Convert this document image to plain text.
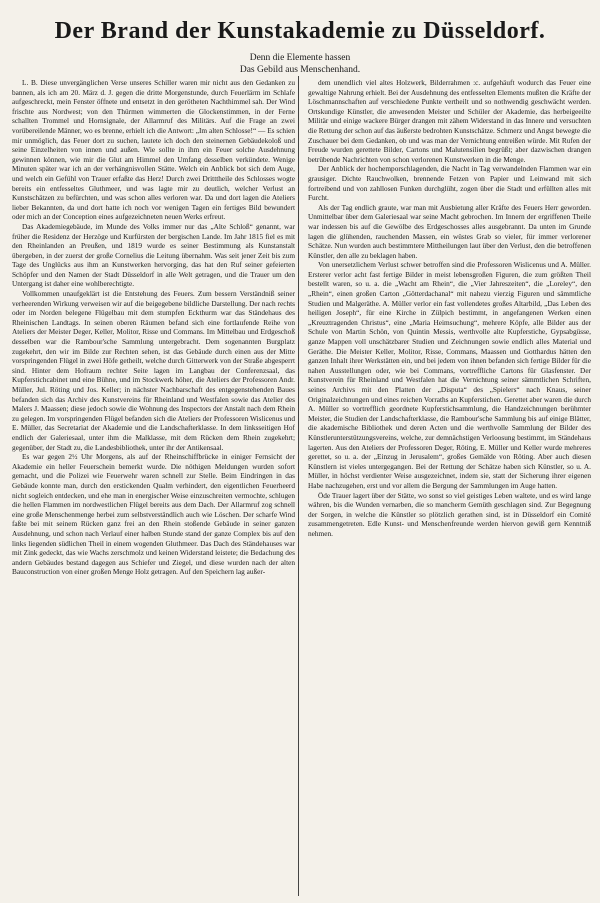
Der Brand der Kunstakademie zu Düsseldorf.
Denn die Elemente hassen
Das Gebild aus Menschenhand.

L. B. Diese unvergänglichen Verse unseres Schiller waren mir nicht aus den Gedanken zu bannen, als ich am 20. März d. J. gegen die dritte Morgenstunde, durch Feuerlärm im Schlafe aufgeschreckt, mein Fenster öffnete und entsetzt in den gerötheten Nachthimmel sah. Der Wind frischte aus Nordwest; von den Thürmen wimmerten die Glockenstimmen, in der Ferne schallten Trommel und Hornsignale, der Allarmruf des Militärs. Auf die Frage an zwei vorübereilende Männer, wo es brenne, erhielt ich die Antwort: „Im alten Schlosse!“ — Es schien mir unmöglich, das Feuer dort zu suchen, lautete ich doch den steinernen Gebäudekoloß und seine Einzelheiten von innen und außen. Wie sollte in ihm ein Feuer solche Ausdehnung gewinnen können, wie mir die Glut am Himmel den Umfang desselben verkündete. Wenige Minuten später war ich an der verhängnisvollen Stätte. Welch ein Anblick bot sich dem Auge, und welch ein Gefühl von Trauer erfaßte das Herz! Durch zwei Dritttheile des Schlosses wogte bereits ein entfesseltes Gluthmeer, und was lagte mir zu deutlich, welcher Verlust an Kunstschätzen zu befürchten, und was schon alles verloren war. Da und dort lagen die Ateliers lieber Bekannten, da und dort hatte ich noch vor wenigen Tagen ein fertiges Bild bewundert oder mich an der Conception eines aufgezeichneten neuen Werks erfreut.

Das Akademiegebäude, im Munde des Volks immer nur das „Alte Schloß“ genannt, war früher die Residenz der Herzöge und Kurfürsten der bergischen Lande. Im Jahr 1815 fiel es mit den Rheinlanden an Preußen, und 1819 wurde es seiner Bestimmung als Kunstanstalt übergeben, in der zuerst der große Cornelius die Leitung übernahm. Was seit jener Zeit bis zum Tage des Unglücks aus ihm an Kunstwerken hervorging, das hat den Ruf seiner gefeierten Schöpfer und den Namen der Stadt Düsseldorf in alle Welt getragen, und die Trauer um den Untergang ist daher eine wohlberechtigte.

Vollkommen unaufgeklärt ist die Entstehung des Feuers. Zum bessern Verständniß seiner verheerenden Wirkung verweisen wir auf die beigegebene bildliche Darstellung. Der nach rechts oder im Norden belegene Flügelbau mit dem stumpfen Eckthurm war das Ständehaus des Rheinischen Landtags. In seinen oberen Räumen befand sich eine fortlaufende Reihe von Ateliers der Meister Deger, Keller, Molitor, Risse und Commans. Im Mittelbau und Erdgeschoß desselben war die Rambour'sche Sammlung untergebracht. Dem sogenannten Burgplatz zugekehrt, den wir im Bilde zur Rechten sehen, ist das Gebäude durch einen aus der Mitte vorspringenden Flügel in zwei Höfe getheilt, welche durch Gitterwerk von der Straße abgesperrt sind. Hinter dem Hofraum rechter Seite lagen im Langbau der Conferenzsaal, das Kupferstichcabinet und eine Bühne, und im Stockwerk höher, die Ateliers der Professoren Andr. Müller, Jul. Röting und Jos. Keller; in nächster Nachbarschaft des entgegenstehenden Baues befanden sich das Archiv des Kunstvereins für Rheinland und Westfalen sowie das Atelier des Malers J. Maassen; diese jedoch sowie die Wohnung des Inspectors der Anstalt nach dem Rhein zu gelegen. Im vorspringenden Flügel befanden sich die Ateliers der Professoren Wislicenus und E. Müller, das Secretariat der Akademie und die Landschafterklasse. In dem linksseitigen Hof endlich der Galeriesaal, unter ihm die Malklasse, mit dem Rücken dem Rhein zugekehrt; gegenüber, der Stadt zu, die Landesbibliothek, unter ihr der Antikensaal.

Es war gegen 2½ Uhr Morgens, als auf der Rheinschiffbrücke in einiger Fernsicht der Akademie ein heller Feuerschein bemerkt wurde. Die nöthigen Meldungen wurden sofort gemacht, und die Polizei wie Feuerwehr waren schnell zur Stelle. Beim Eindringen in das Gebäude konnte man, durch den erstickenden Qualm verhindert, den eigentlichen Feuerheerd nicht sogleich entdecken, und ehe man in energischer Weise einzuschreiten vermochte, schlugen die hellen Flammen im nordwestlichen Flügel bereits aus dem Dach. Der Allarmruf zog schnell eine große Menschenmenge herbei zum selbstverständlich auch wie Löschen. Der scharfe Wind faßte bei mit seinem Rücken ganz frei an den Rhein stoßende Gebäude in seiner ganzen Ausdehnung, und schon nach Verlauf einer halben Stunde stand der ganze Complex bis auf den links liegenden südlichen Theil in einem wogenden Gluthmeer. Das Dach des Ständehauses war mit Zink gedeckt, das wie Wachs zerschmolz und keinen Widerstand leistete; die Bedachung des andern Gebäudes bestand dagegen aus Schiefer und Ziegel, und diese wurden nach der alten Bauconstruction von einer großen Menge Holz getragen. Auf den Speichern lag außer-

dem unendlich viel altes Holzwerk, Bilderrahmen :c. aufgehäuft wodurch das Feuer eine gewaltige Nahrung erhielt. Bei der Ausdehnung des entfesselten Elements mußten die Kräfte der Löschmannschaften auf verschiedene Punkte vertheilt und so nothwendig geschwächt werden. Ortskundige Künstler, die anwesenden Meister und Schüler der Akademie, das herbeigeeilte Militär und einige wackere Bürger drangen mit zähem Widerstand in das Innere und versuchten die Rettung der schon auf das äußerste bedrohten Kunstschätze. Schmerz und Angst bewegte die Zuschauer bei dem Gedanken, ob und was man der Vernichtung entreißen würde. Mit Rufen der Freude wurden gerettete Bilder, Cartons und Malutensilien begrüßt; aber dazwischen drangen betrübende Nachrichten von schon verlorenen Kunstwerken in die Menge.

Der Anblick der hochemporschlagenden, die Nacht in Tag verwandelnden Flammen war ein grausiger. Dichte Rauchwolken, brennende Fetzen von Papier und Leinwand mit sich fortreibend und von zahllosen Funken durchglüht, zogen über die Stadt und erfüllten alles mit Furcht.

Als der Tag endlich graute, war man mit Ausbietung aller Kräfte des Feuers Herr geworden. Unmittelbar über dem Galeriesaal war seine Macht gebrochen. Im Innern der ergriffenen Theile war indessen bis auf die Gewölbe des Erdgeschosses alles ausgebrannt. Da unten im Grunde lagen die glühenden, rauchenden Massen, ein wüstes Grab so vieler, für immer verlorener Schätze. Nun wurden auch bestimmtere Mittheilungen laut über den Verlust, den die betroffenen Künstler, den alle zu beklagen haben.

Von unersetzlichem Verlust schwer betroffen sind die Professoren Wislicenus und A. Müller. Ersterer verlor acht fast fertige Bilder in meist lebensgroßen Figuren, die zum größten Theil bestellt waren, so u. a. die „Wacht am Rhein“, die „Vier Jahreszeiten“, die „Loreley“, den „Rhein“, einen großen Carton „Götterdachanal“ mit nahezu vierzig Figuren und sämmtliche Studien und Malgeräthe. A. Müller verlor ein fast vollendetes großes Altarbild, „Das Leben des heiligen Joseph“, für eine Kirche in Zülpich bestimmt, in angefangenen Werken einen „Kreuztragenden Christus“, eine „Maria Heimsuchung“, mehrere Köpfe, alle Bilder aus der Schule von Martin Schön, von Quintin Messis, werthvolle alte Kupferstiche, Gypsabgüsse, ganze Mappen voll unschätzbarer Studien und Zeichnungen sowie endlich alles Material und Geräthe. Die Meister Keller, Molitor, Risse, Commans, Maassen und Gotthardus hätten den ganzen Inhalt ihrer Werkstätten ein, und bei jedem von ihnen befanden sich fertige Bilder für die nahen Ausstellungen oder, wie bei Commans, vortreffliche Cartons für Glasfenster. Der Kunstverein für Rheinland und Westfalen hat die Vernichtung seiner sämmtlichen Schriften, seines Archivs mit den Platten der „Disputa“ des „Spielers“ nach Knaus, seiner Originalzeichnungen und eines reichen Vorraths an Kupferstichen. Gerettet aber waren die durch A. Müller so vortrefflich geordnete Kupferstichsammlung, die Handzeichnungen berühmter Meister, die Studien der Landschafterklasse, die Rambour'sche Sammlung bis auf einige Blätter, die akademische Bibliothek und deren Acten und die werthvolle Sammlung der Bilder des Künstlerunterstützungsvereins, welche, zur demnächstigen Verloosung bestimmt, im Ständehaus lagerten. Aus den Ateliers der Professoren Deger, Röting, E. Müller und Keller wurde mehreres gerettet, so u. a. der „Einzug in Jerusalem“, großes Gemälde von Röting. Aber auch diesen Künstlern ist vieles untergegangen. Bei der Rettung der Schätze haben sich Künstler, so u. A. Müller, in höchst verdienter Weise ausgezeichnet, indem sie, statt der Sicherung ihrer eigenen Habe nachzugehen, erst und vor allem die Bergung der Sammlungen im Auge hatten.

Öde Trauer lagert über der Stätte, wo sonst so viel geistiges Leben waltete, und es wird lange währen, bis die Wunden vernarben, die so mancherm Gemüth geschlagen sind. Zur Begegnung der Sorgen, in welche die Künstler so plötzlich gerathen sind, ist in Düsseldorf ein Comité zusammengetreten. Edle Kunst- und Menschenfreunde werden hiervon gewiß gern Kenntniß nehmen.
